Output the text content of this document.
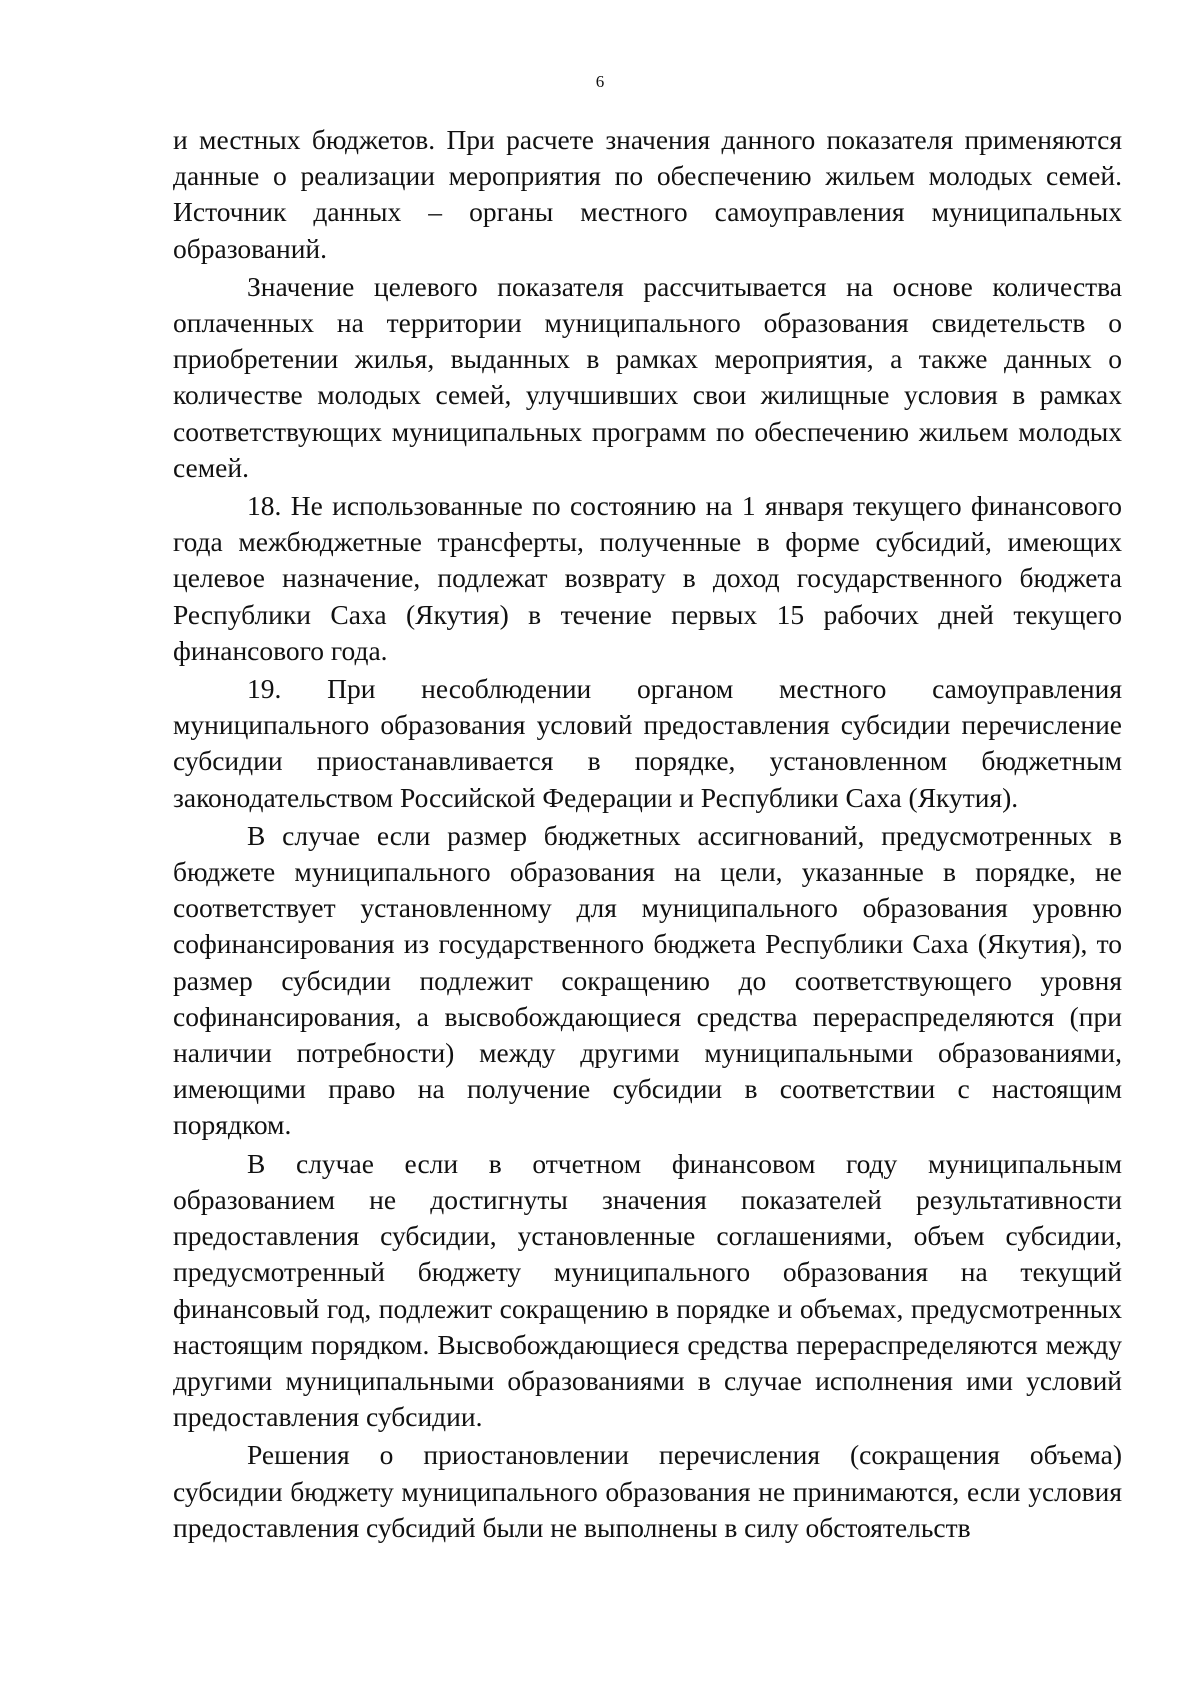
6

и местных бюджетов. При расчете значения данного показателя применяются данные о реализации мероприятия по обеспечению жильем молодых семей. Источник данных – органы местного самоуправления муниципальных образований.

Значение целевого показателя рассчитывается на основе количества оплаченных на территории муниципального образования свидетельств о приобретении жилья, выданных в рамках мероприятия, а также данных о количестве молодых семей, улучшивших свои жилищные условия в рамках соответствующих муниципальных программ по обеспечению жильем молодых семей.

18. Не использованные по состоянию на 1 января текущего финансового года межбюджетные трансферты, полученные в форме субсидий, имеющих целевое назначение, подлежат возврату в доход государственного бюджета Республики Саха (Якутия) в течение первых 15 рабочих дней текущего финансового года.

19. При несоблюдении органом местного самоуправления муниципального образования условий предоставления субсидии перечисление субсидии приостанавливается в порядке, установленном бюджетным законодательством Российской Федерации и Республики Саха (Якутия).

В случае если размер бюджетных ассигнований, предусмотренных в бюджете муниципального образования на цели, указанные в порядке, не соответствует установленному для муниципального образования уровню софинансирования из государственного бюджета Республики Саха (Якутия), то размер субсидии подлежит сокращению до соответствующего уровня софинансирования, а высвобождающиеся средства перераспределяются (при наличии потребности) между другими муниципальными образованиями, имеющими право на получение субсидии в соответствии с настоящим порядком.

В случае если в отчетном финансовом году муниципальным образованием не достигнуты значения показателей результативности предоставления субсидии, установленные соглашениями, объем субсидии, предусмотренный бюджету муниципального образования на текущий финансовый год, подлежит сокращению в порядке и объемах, предусмотренных настоящим порядком. Высвобождающиеся средства перераспределяются между другими муниципальными образованиями в случае исполнения ими условий предоставления субсидии.

Решения о приостановлении перечисления (сокращения объема) субсидии бюджету муниципального образования не принимаются, если условия предоставления субсидий были не выполнены в силу обстоятельств
